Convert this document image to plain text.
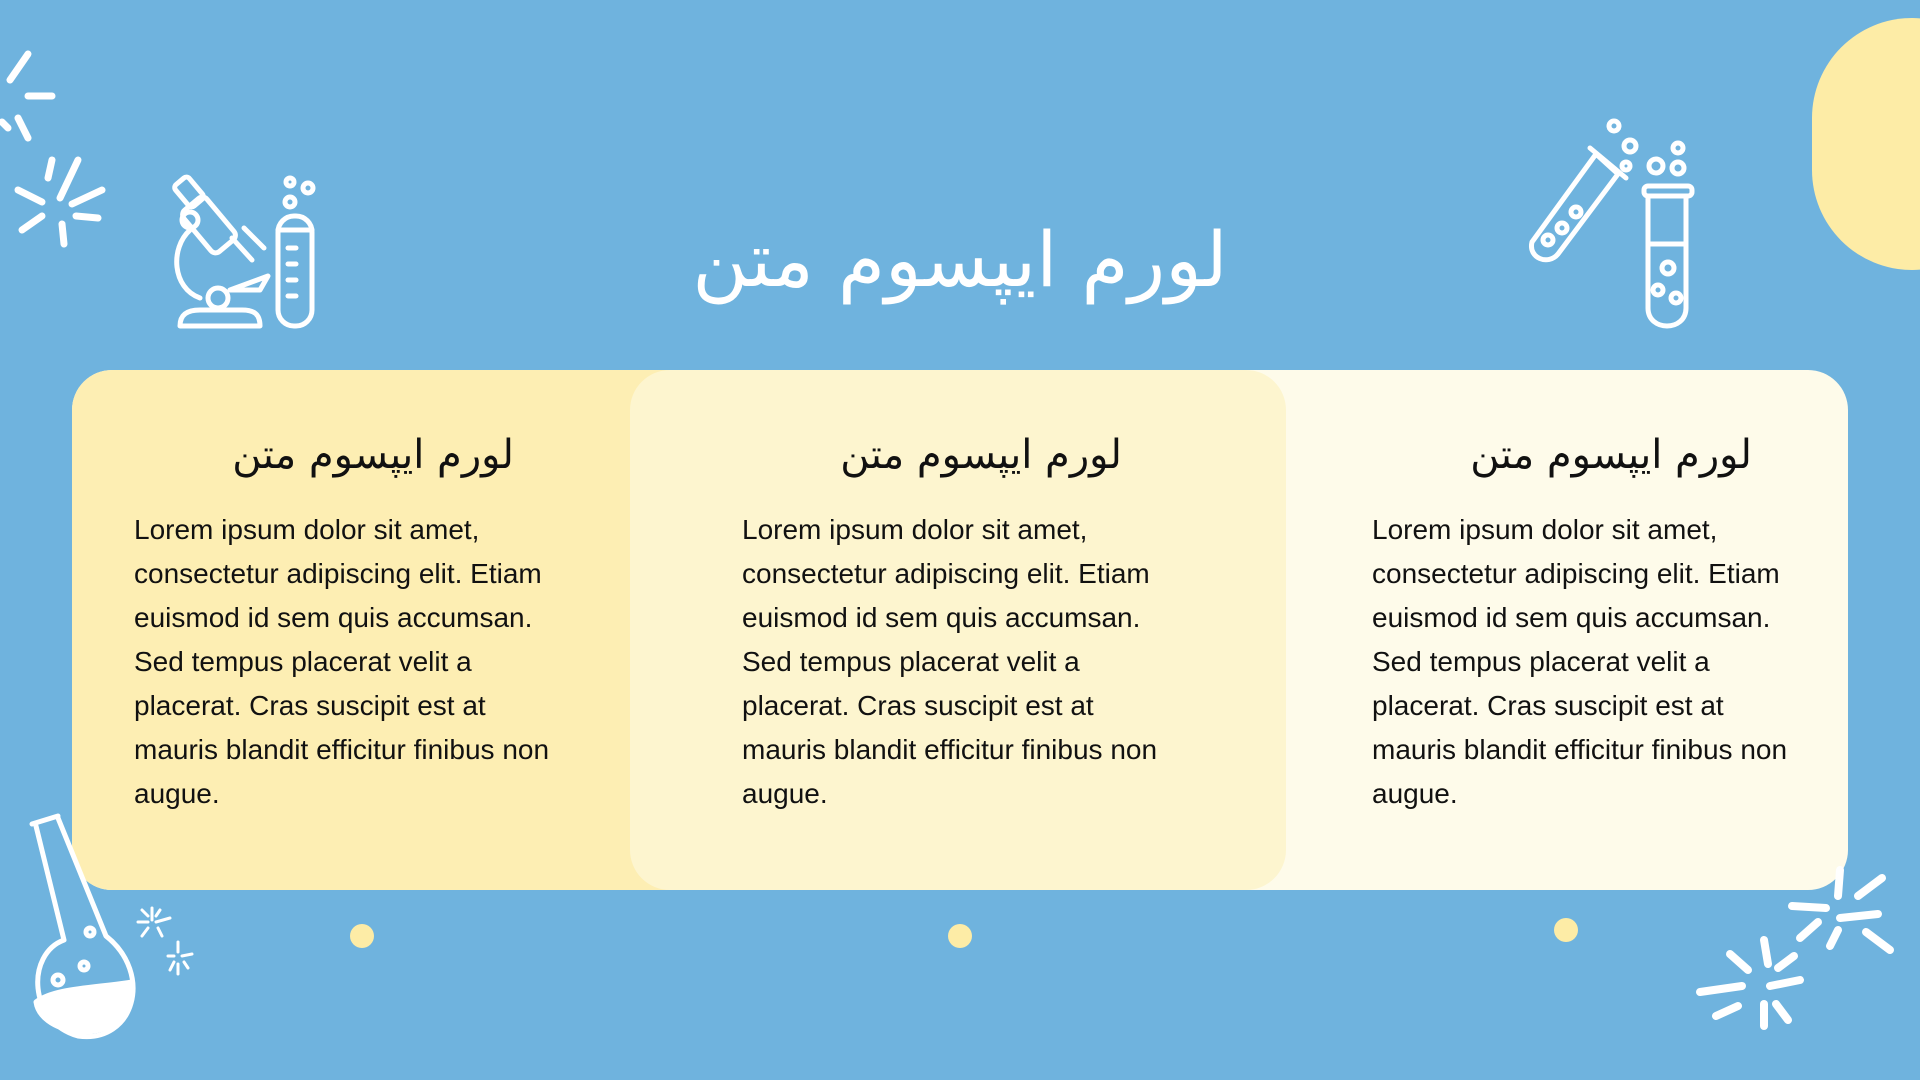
لورم ایپسوم متن
لورم ایپسوم متن

Lorem ipsum dolor sit amet, consectetur adipiscing elit. Etiam euismod id sem quis accumsan. Sed tempus placerat velit a placerat. Cras suscipit est at mauris blandit efficitur finibus non augue.

لورم ایپسوم متن

Lorem ipsum dolor sit amet, consectetur adipiscing elit. Etiam euismod id sem quis accumsan. Sed tempus placerat velit a placerat. Cras suscipit est at mauris blandit efficitur finibus non augue.

لورم ایپسوم متن

Lorem ipsum dolor sit amet, consectetur adipiscing elit. Etiam euismod id sem quis accumsan. Sed tempus placerat velit a placerat. Cras suscipit est at mauris blandit efficitur finibus non augue.
